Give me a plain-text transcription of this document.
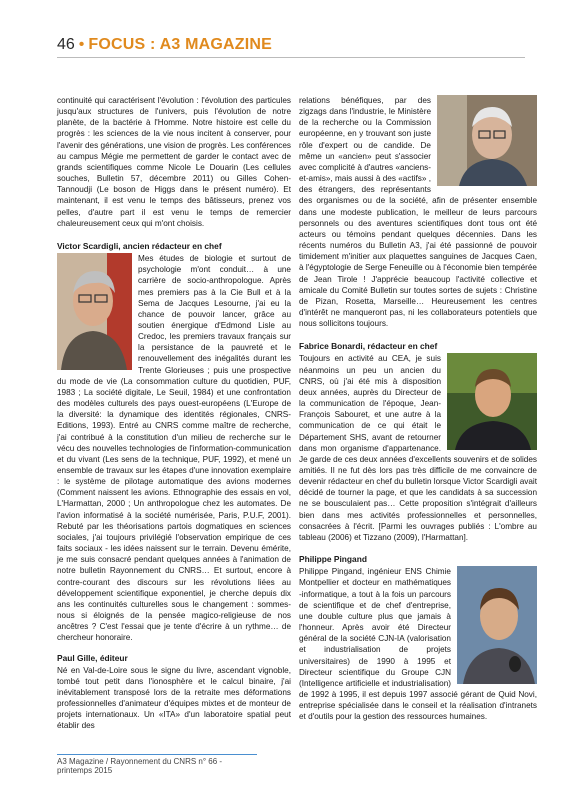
46 • FOCUS : A3 MAGAZINE

continuité qui caractérisent l'évolution : l'évolution des particules jusqu'aux structures de l'univers, puis l'évolution de notre planète, de la bactérie à l'Homme. Notre histoire est celle du progrès : les sciences de la vie nous incitent à conserver, pour l'avenir des générations, une vision de progrès. Les conférences au campus Mégie me permettent de garder le contact avec de grands scientifiques comme Nicole Le Douarin (Les cellules souches, Bulletin 57, décembre 2011) ou Gilles Cohen-Tannoudji (Le boson de Higgs dans le présent numéro). Et maintenant, il est venu le temps des bâtisseurs, prenez vos pelles, d'autre part il est venu le temps de remercier chaleureusement ceux qui m'ont choisis.

Victor Scardigli, ancien rédacteur en chef

Mes études de biologie et surtout de psychologie m'ont conduit… à une carrière de socio-anthropologue. Après mes premiers pas à la Cie Bull et à la Sema de Jacques Lesourne, j'ai eu la chance de pouvoir lancer, grâce au soutien énergique d'Edmond Lisle au Credoc, les premiers travaux français sur la persistance de la pauvreté et le renouvellement des inégalités durant les Trente Glorieuses ; puis une prospective du mode de vie (La consommation culture du quotidien, PUF, 1983 ; La société digitale, Le Seuil, 1984) et une confrontation des modèles culturels des pays ouest-européens (L'Europe de la diversité: la dynamique des identités régionales, CNRS-Editions, 1993). Entré au CNRS comme maître de recherche, j'ai contribué à la constitution d'un milieu de recherche sur le vécu des nouvelles technologies de l'information-communication et du vivant (Les sens de la technique, PUF, 1992), et mené un ensemble de travaux sur les étapes d'une innovation exemplaire : le système de pilotage automatique des avions modernes (Comment naissent les avions. Ethnographie des essais en vol, L'Harmattan, 2000 ; Un anthropologue chez les automates. De l'avion informatisé à la société numérisée, Paris, P.U.F, 2001). Rebuté par les théorisations partois dogmatiques en sciences sociales, j'ai toujours privilégié l'observation empirique de ces faits sociaux - les idées naissent sur le terrain. Devenu émérite, je me suis consacré pendant quelques années à l'animation de notre bulletin Rayonnement du CNRS… Et surtout, encore à contre-courant des discours sur les révolutions liées au développement scientifique exponentiel, je cherche depuis dix ans les continuités culturelles sous le changement : sommes-nous si éloignés de la pensée magico-religieuse de nos ancêtres ? C'est l'essai que je tente d'écrire à un rythme… de chercheur honoraire.

Paul Gille, éditeur

Né en Val-de-Loire sous le signe du livre, ascendant vignoble, tombé tout petit dans l'ionosphère et le calcul binaire, j'ai inévitablement transposé lors de la retraite mes déformations professionnelles d'animateur d'équipes mixtes et de monteur de projets internationaux. Un «ITA» d'un laboratoire spatial peut établir des

relations bénéfiques, par des zigzags dans l'industrie, le Ministère de la recherche ou la Commission européenne, en y trouvant son juste rôle d'expert ou de candide. De même un «ancien» peut s'associer avec complicité à d'autres «anciens-et-amis», mais aussi à des «actifs» , des étrangers, des représentants des organismes ou de la société, afin de présenter ensemble dans une modeste publication, le meilleur de leurs parcours personnels ou des aventures scientifiques dont tous ont été acteurs ou témoins pendant quelques décennies. Dans les récents numéros du Bulletin A3, j'ai été passionné de pouvoir timidement m'initier aux plaquettes sanguines de Jacques Caen, à l'égyptologie de Serge Feneuille ou à l'économie bien tempérée de Jean Tirole ! J'apprécie beaucoup l'activité collective et amicale du Comité Bulletin sur toutes sortes de sujets : Christine de Pizan, Rosetta, Marseille… Heureusement les centres d'intérêt ne manqueront pas, ni les collaborateurs potentiels que nous sollicitons toujours.

Fabrice Bonardi, rédacteur en chef

Toujours en activité au CEA, je suis néanmoins un peu un ancien du CNRS, où j'ai été mis à disposition deux années, auprès du Directeur de la communication de l'époque, Jean-François Sabouret, et une autre à la communication de ce qui était le Département SHS, avant de retourner dans mon organisme d'appartenance. Je garde de ces deux années d'excellents souvenirs et de solides amitiés. Il ne fut dès lors pas très difficile de me convaincre de devenir rédacteur en chef du bulletin lorsque Victor Scardigli avait décidé de tourner la page, et que les candidats à sa succession ne se bousculaient pas… Cette proposition s'intégrait d'ailleurs bien dans mes activités professionnelles et personnelles, consacrées à l'écrit. [Parmi les ouvrages publiés : L'ombre au tableau (2006) et Tizzano (2009), l'Harmattan].

Philippe Pingand

Philippe Pingand, ingénieur ENS Chimie Montpellier et docteur en mathématiques -informatique, a tout à la fois un parcours de scientifique et de chef d'entreprise, une double culture plus que jamais à l'honneur. Après avoir été Directeur général de la société CJN-IA (valorisation et industrialisation de projets universitaires) de 1990 à 1995 et Directeur scientifique du Groupe CJN (Intelligence artificielle et industrialisation) de 1992 à 1995, il est depuis 1997 associé gérant de Quid Novi, entreprise spécialisée dans le conseil et la réalisation d'intranets et d'outils pour la gestion des ressources humaines.

A3 Magazine / Rayonnement du CNRS n° 66 - printemps 2015
